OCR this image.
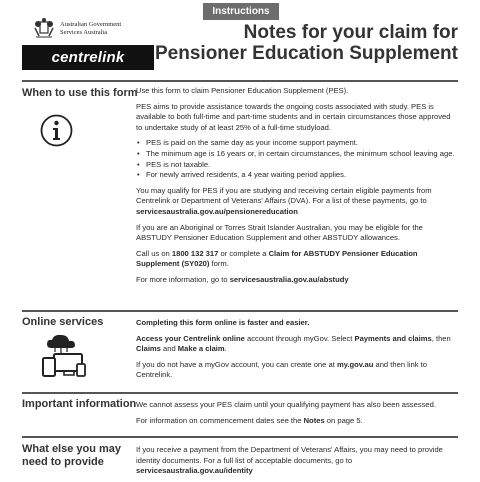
Australian Government
Services Australia
centrelink
Instructions
Notes for your claim for
Pensioner Education Supplement
When to use this form

Use this form to claim Pensioner Education Supplement (PES).

PES aims to provide assistance towards the ongoing costs associated with study. PES is available to both full-time and part-time students and in certain circumstances those approved to undertake study of at least 25% of a full-time studyload.

• PES is paid on the same day as your income support payment.
• The minimum age is 16 years or, in certain circumstances, the minimum school leaving age.
• PES is not taxable.
• For newly arrived residents, a 4 year waiting period applies.

You may qualify for PES if you are studying and receiving certain eligible payments from Centrelink or Department of Veterans' Affairs (DVA). For a list of these payments, go to
servicesaustralia.gov.au/pensionereducation

If you are an Aboriginal or Torres Strait Islander Australian, you may be eligible for the ABSTUDY Pensioner Education Supplement and other ABSTUDY allowances.

Call us on 1800 132 317 or complete a Claim for ABSTUDY Pensioner Education Supplement (SY020) form.

For more information, go to servicesaustralia.gov.au/abstudy

Online services	Completing this form online is faster and easier.

Access your Centrelink online account through myGov. Select Payments and claims, then Claims and Make a claim.

If you do not have a myGov account, you can create one at my.gov.au and then link to Centrelink.

Important information We cannot assess your PES claim until your qualifying payment has also been assessed.

For information on commencement dates see the Notes on page 5.

What else you may
need to provide

If you receive a payment from the Department of Veterans' Affairs, you may need to provide identity documents. For a full list of acceptable documents, go to
servicesaustralia.gov.au/identity
